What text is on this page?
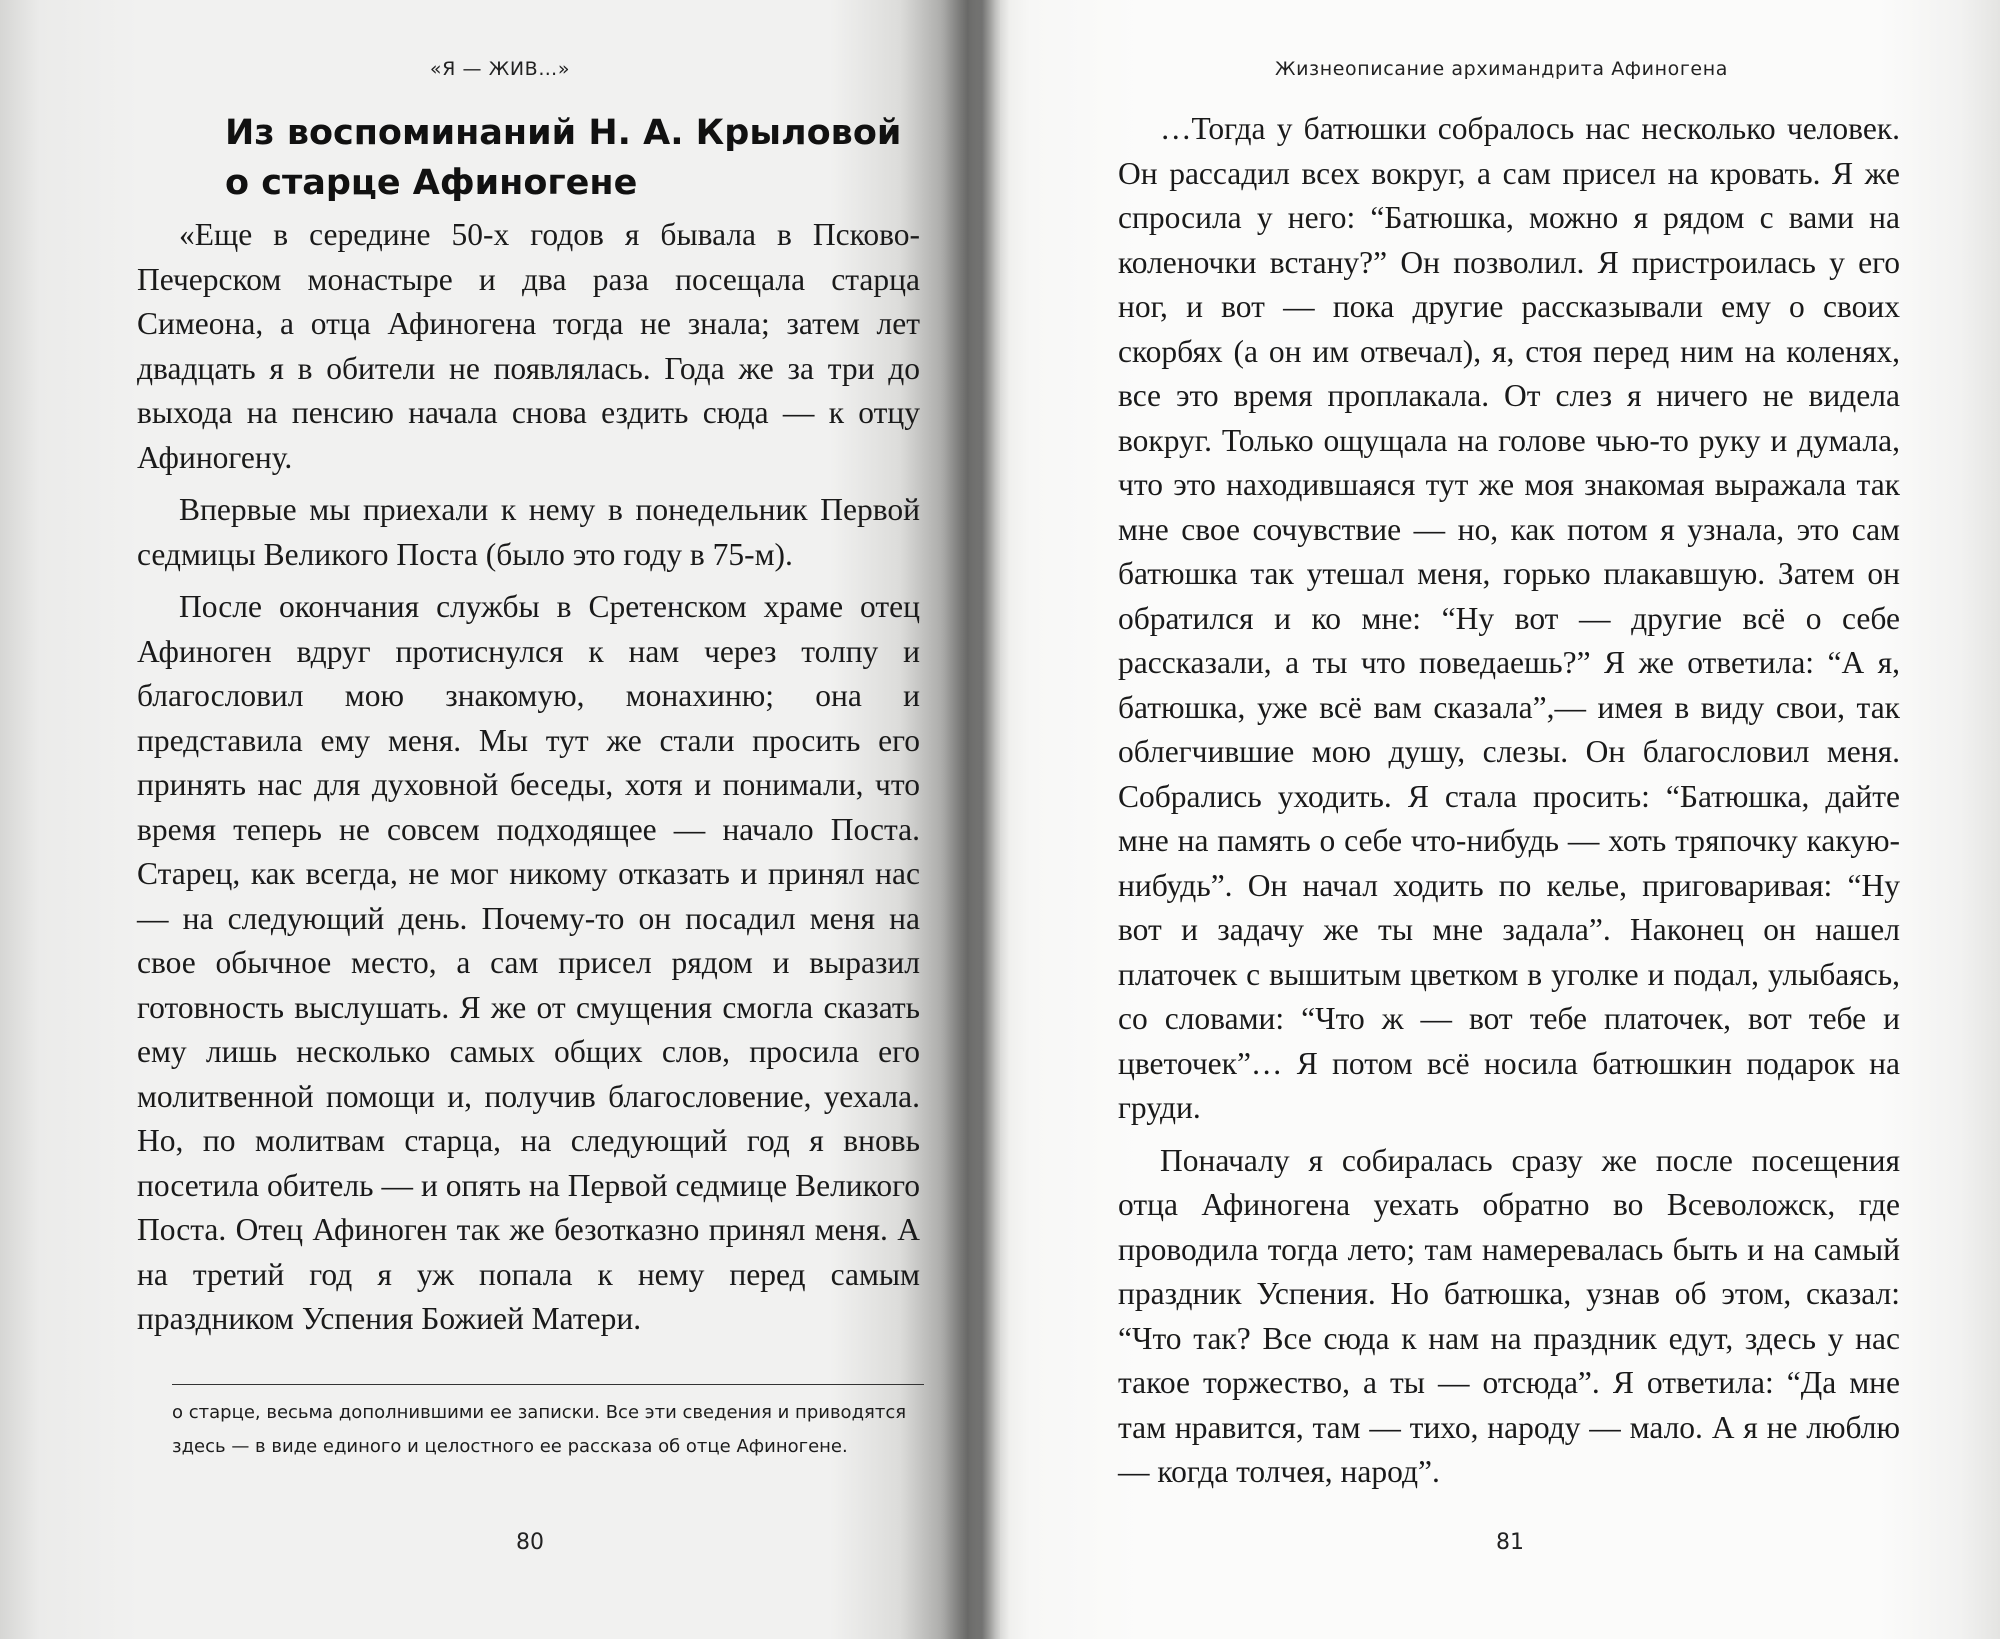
«Я — ЖИВ…»
Из воспоминаний Н. А. Крыловой
о старце Афиногене

«Еще в середине 50-х годов я бывала в Псково-Печерском монастыре и два раза посещала старца Симеона, а отца Афиногена тогда не знала; затем лет двадцать я в обители не появлялась. Года же за три до выхода на пенсию начала снова ездить сюда — к отцу Афиногену.

Впервые мы приехали к нему в понедельник Первой седмицы Великого Поста (было это году в 75-м).

После окончания службы в Сретенском храме отец Афиноген вдруг протиснулся к нам через толпу и благословил мою знакомую, монахиню; она и представила ему меня. Мы тут же стали просить его принять нас для духовной беседы, хотя и понимали, что время теперь не совсем подходящее — начало Поста. Старец, как всегда, не мог никому отказать и принял нас — на следующий день. Почему-то он посадил меня на свое обычное место, а сам присел рядом и выразил готовность выслушать. Я же от смущения смогла сказать ему лишь несколько самых общих слов, просила его молитвенной помощи и, получив благословение, уехала. Но, по молитвам старца, на следующий год я вновь посетила обитель — и опять на Первой седмице Великого Поста. Отец Афиноген так же безотказно принял меня. А на третий год я уж попала к нему перед самым праздником Успения Божией Матери.

о старце, весьма дополнившими ее записки. Все эти сведения и приводятся

здесь — в виде единого и целостного ее рассказа об отце Афиногене.

80
Жизнеописание архимандрита Афиногена

…Тогда у батюшки собралось нас несколько человек. Он рассадил всех вокруг, а сам присел на кровать. Я же спросила у него: “Батюшка, можно я рядом с вами на коленочки встану?” Он позволил. Я пристроилась у его ног, и вот — пока другие рассказывали ему о своих скорбях (а он им отвечал), я, стоя перед ним на коленях, все это время проплакала. От слез я ничего не видела вокруг. Только ощущала на голове чью-то руку и думала, что это находившаяся тут же моя знакомая выражала так мне свое сочувствие — но, как потом я узнала, это сам батюшка так утешал меня, горько плакавшую. Затем он обратился и ко мне: “Ну вот — другие всё о себе рассказали, а ты что поведаешь?” Я же ответила: “А я, батюшка, уже всё вам сказала”,— имея в виду свои, так облегчившие мою душу, слезы. Он благословил меня. Собрались уходить. Я стала просить: “Батюшка, дайте мне на память о себе что-нибудь — хоть тряпочку какую-нибудь”. Он начал ходить по келье, приговаривая: “Ну вот и задачу же ты мне задала”. Наконец он нашел платочек с вышитым цветком в уголке и подал, улыбаясь, со словами: “Что ж — вот тебе платочек, вот тебе и цветочек”… Я потом всё носила батюшкин подарок на груди.

Поначалу я собиралась сразу же после посещения отца Афиногена уехать обратно во Всеволожск, где проводила тогда лето; там намеревалась быть и на самый праздник Успения. Но батюшка, узнав об этом, сказал: “Что так? Все сюда к нам на праздник едут, здесь у нас такое торжество, а ты — отсюда”. Я ответила: “Да мне там нравится, там — тихо, народу — мало. А я не люблю — когда толчея, народ”.

81
